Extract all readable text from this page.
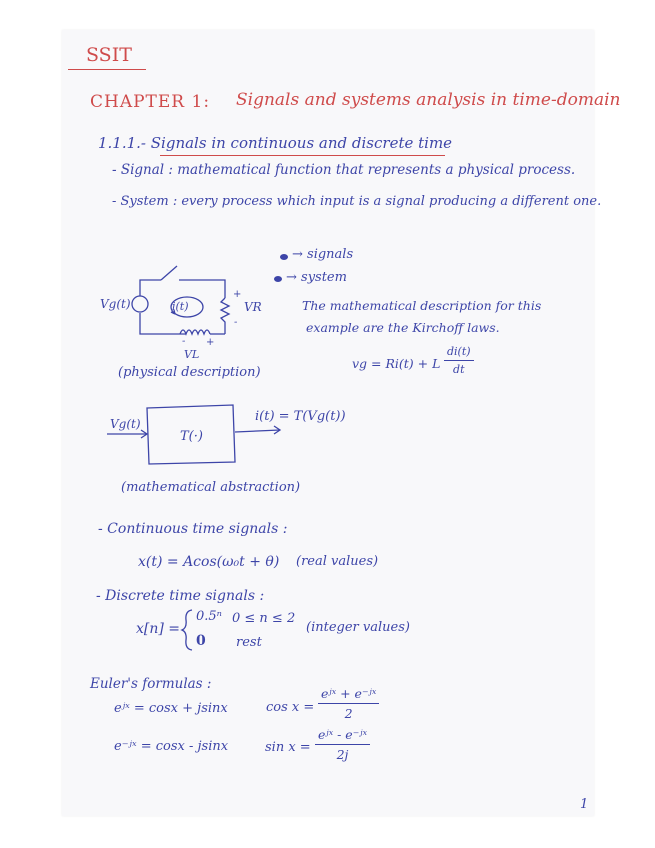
SSIT
CHAPTER 1: Signals and systems analysis in time-domain
1.1.1.- Signals in continuous and discrete time
- Signal : mathematical function that represents a physical process.
- System : every process which input is a signal producing a different one.
→ signals
→ system
Vg(t)	i(t)	VR
+
-
- +
VL
(physical description)
The mathematical description for this
example are the Kirchoff laws.
vg = Ri(t) + L $\frac{di(t)}{dt}$
Vg(t)
T(·)
i(t) = T(Vg(t))
(mathematical abstraction)
- Continuous time signals :
x(t) = Acos(ω₀t + θ) (real values)
- Discrete time signals :
x[n] =
0.5ⁿ 0 ≤ n ≤ 2
0 rest
(integer values)
Euler's formulas :
eʲˣ = cosx + jsinx
e⁻ʲˣ = cosx - jsinx
cos x =
eʲˣ + e⁻ʲˣ
2
sin x =
eʲˣ - e⁻ʲˣ
2j
1
